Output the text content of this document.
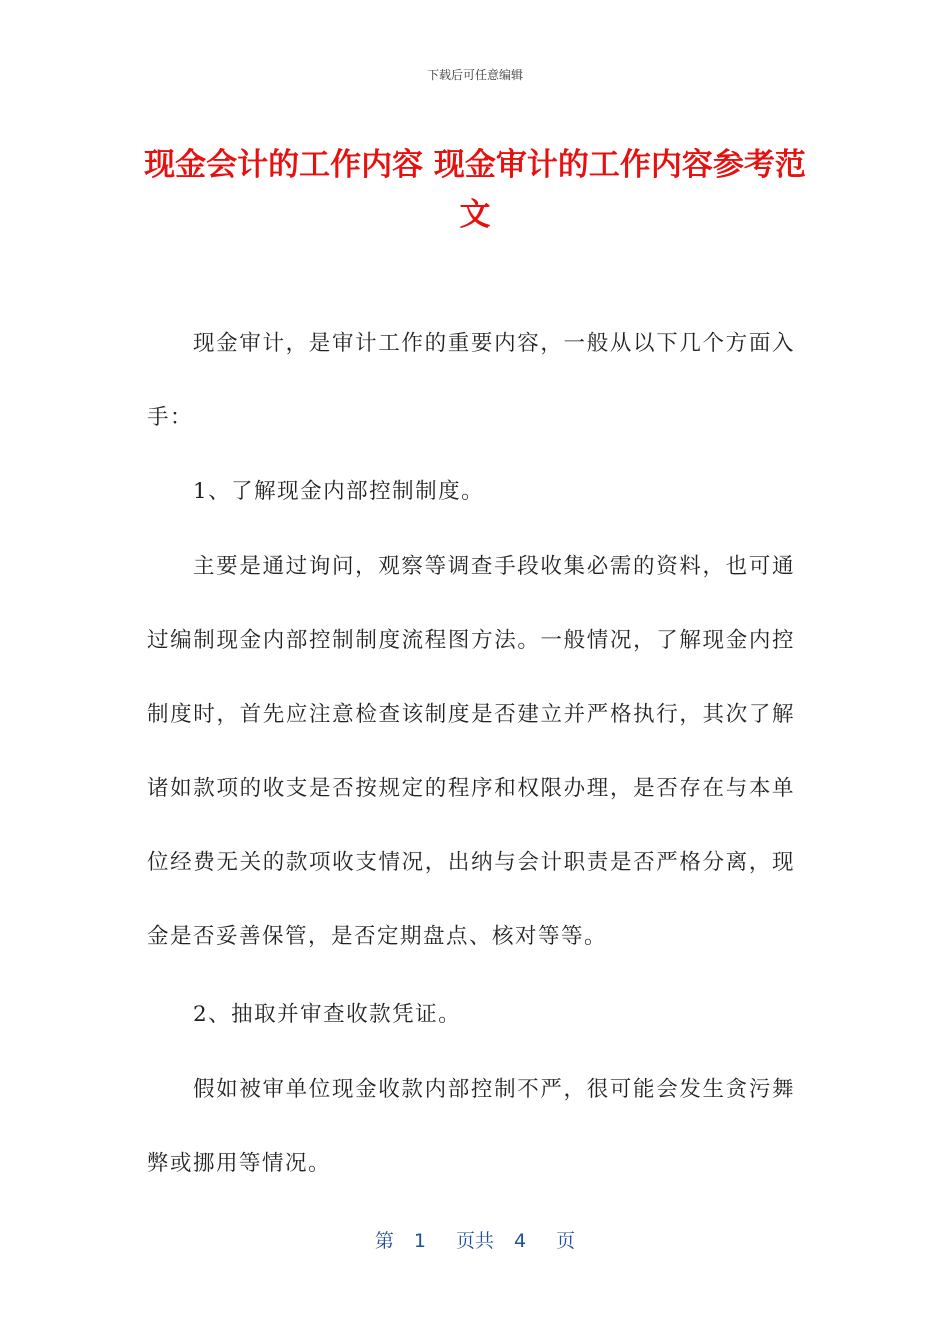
下载后可任意编辑
现金会计的工作内容 现金审计的工作内容参考范文

现金审计，是审计工作的重要内容，一般从以下几个方面入手：

1、了解现金内部控制制度。

主要是通过询问，观察等调查手段收集必需的资料，也可通过编制现金内部控制制度流程图方法。一般情况，了解现金内控制度时，首先应注意检查该制度是否建立并严格执行，其次了解诸如款项的收支是否按规定的程序和权限办理，是否存在与本单位经费无关的款项收支情况，出纳与会计职责是否严格分离，现金是否妥善保管，是否定期盘点、核对等等。

2、抽取并审查收款凭证。

假如被审单位现金收款内部控制不严，很可能会发生贪污舞弊或挪用等情况。

第 1 页共 4 页
